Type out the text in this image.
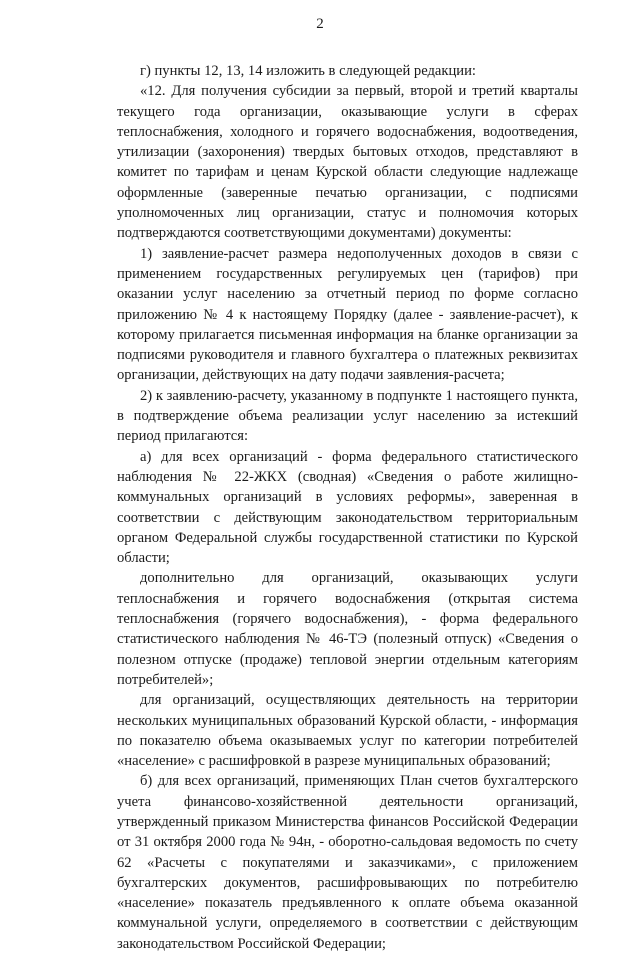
2

г) пункты 12, 13, 14 изложить в следующей редакции:

«12. Для получения субсидии за первый, второй и третий кварталы текущего года организации, оказывающие услуги в сферах теплоснабжения, холодного и горячего водоснабжения, водоотведения, утилизации (захоронения) твердых бытовых отходов, представляют в комитет по тарифам и ценам Курской области следующие надлежаще оформленные (заверенные печатью организации, с подписями уполномоченных лиц организации, статус и полномочия которых подтверждаются соответствующими документами) документы:

1) заявление-расчет размера недополученных доходов в связи с применением государственных регулируемых цен (тарифов) при оказании услуг населению за отчетный период по форме согласно приложению № 4 к настоящему Порядку (далее - заявление-расчет), к которому прилагается письменная информация на бланке организации за подписями руководителя и главного бухгалтера о платежных реквизитах организации, действующих на дату подачи заявления-расчета;

2) к заявлению-расчету, указанному в подпункте 1 настоящего пункта, в подтверждение объема реализации услуг населению за истекший период прилагаются:

а) для всех организаций - форма федерального статистического наблюдения № 22-ЖКХ (сводная) «Сведения о работе жилищно-коммунальных организаций в условиях реформы», заверенная в соответствии с действующим законодательством территориальным органом Федеральной службы государственной статистики по Курской области;

дополнительно для организаций, оказывающих услуги теплоснабжения и горячего водоснабжения (открытая система теплоснабжения (горячего водоснабжения), - форма федерального статистического наблюдения № 46-ТЭ (полезный отпуск) «Сведения о полезном отпуске (продаже) тепловой энергии отдельным категориям потребителей»;

для организаций, осуществляющих деятельность на территории нескольких муниципальных образований Курской области, - информация по показателю объема оказываемых услуг по категории потребителей «население» с расшифровкой в разрезе муниципальных образований;

б) для всех организаций, применяющих План счетов бухгалтерского учета финансово-хозяйственной деятельности организаций, утвержденный приказом Министерства финансов Российской Федерации от 31 октября 2000 года № 94н, - оборотно-сальдовая ведомость по счету 62 «Расчеты с покупателями и заказчиками», с приложением бухгалтерских документов, расшифровывающих по потребителю «население» показатель предъявленного к оплате объема оказанной коммунальной услуги, определяемого в соответствии с действующим законодательством Российской Федерации;
